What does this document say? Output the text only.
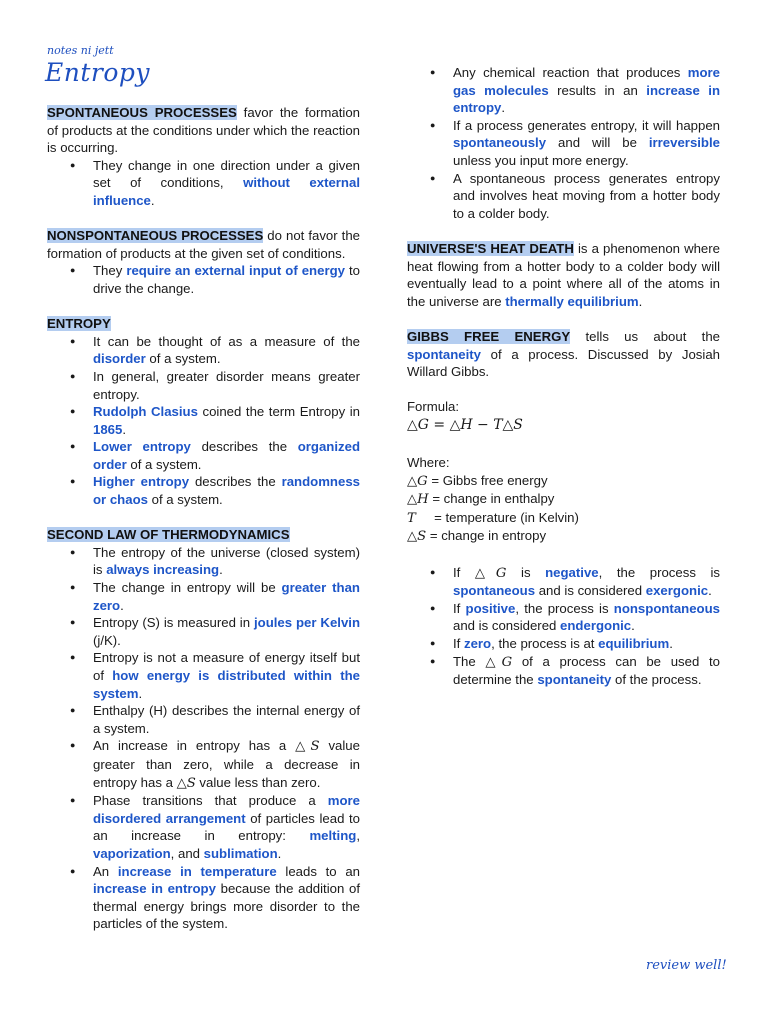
notes ni jett
Entropy

SPONTANEOUS PROCESSES favor the formation of products at the conditions under which the reaction is occurring.

● They change in one direction under a given set of conditions, without external influence.

NONSPONTANEOUS PROCESSES do not favor the formation of products at the given set of conditions.

● They require an external input of energy to drive the change.

ENTROPY

● It can be thought of as a measure of the disorder of a system.
● In general, greater disorder means greater entropy.
● Rudolph Clasius coined the term Entropy in 1865.
● Lower entropy describes the organized order of a system.
● Higher entropy describes the randomness or chaos of a system.

SECOND LAW OF THERMODYNAMICS

● The entropy of the universe (closed system) is always increasing.
● The change in entropy will be greater than zero.
● Entropy (S) is measured in joules per Kelvin (j/K).
● Entropy is not a measure of energy itself but of how energy is distributed within the system.
● Enthalpy (H) describes the internal energy of a system.
● An increase in entropy has a △S value greater than zero, while a decrease in entropy has a △S value less than zero.
● Phase transitions that produce a more disordered arrangement of particles lead to an increase in entropy: melting, vaporization, and sublimation.
● An increase in temperature leads to an increase in entropy because the addition of thermal energy brings more disorder to the particles of the system.
● Any chemical reaction that produces more gas molecules results in an increase in entropy.
● If a process generates entropy, it will happen spontaneously and will be irreversible unless you input more energy.
● A spontaneous process generates entropy and involves heat moving from a hotter body to a colder body.

UNIVERSE'S HEAT DEATH is a phenomenon where heat flowing from a hotter body to a colder body will eventually lead to a point where all of the atoms in the universe are thermally equilibrium.

GIBBS FREE ENERGY tells us about the spontaneity of a process. Discussed by Josiah Willard Gibbs.

Formula:
△G = △H − T△S
Where:
△G = Gibbs free energy
△H = change in enthalpy
T     = temperature (in Kelvin)
△S = change in entropy
● If △G is negative, the process is spontaneous and is considered exergonic.
● If positive, the process is nonspontaneous and is considered endergonic.
● If zero, the process is at equilibrium.
● The △G of a process can be used to determine the spontaneity of the process.
review well!
